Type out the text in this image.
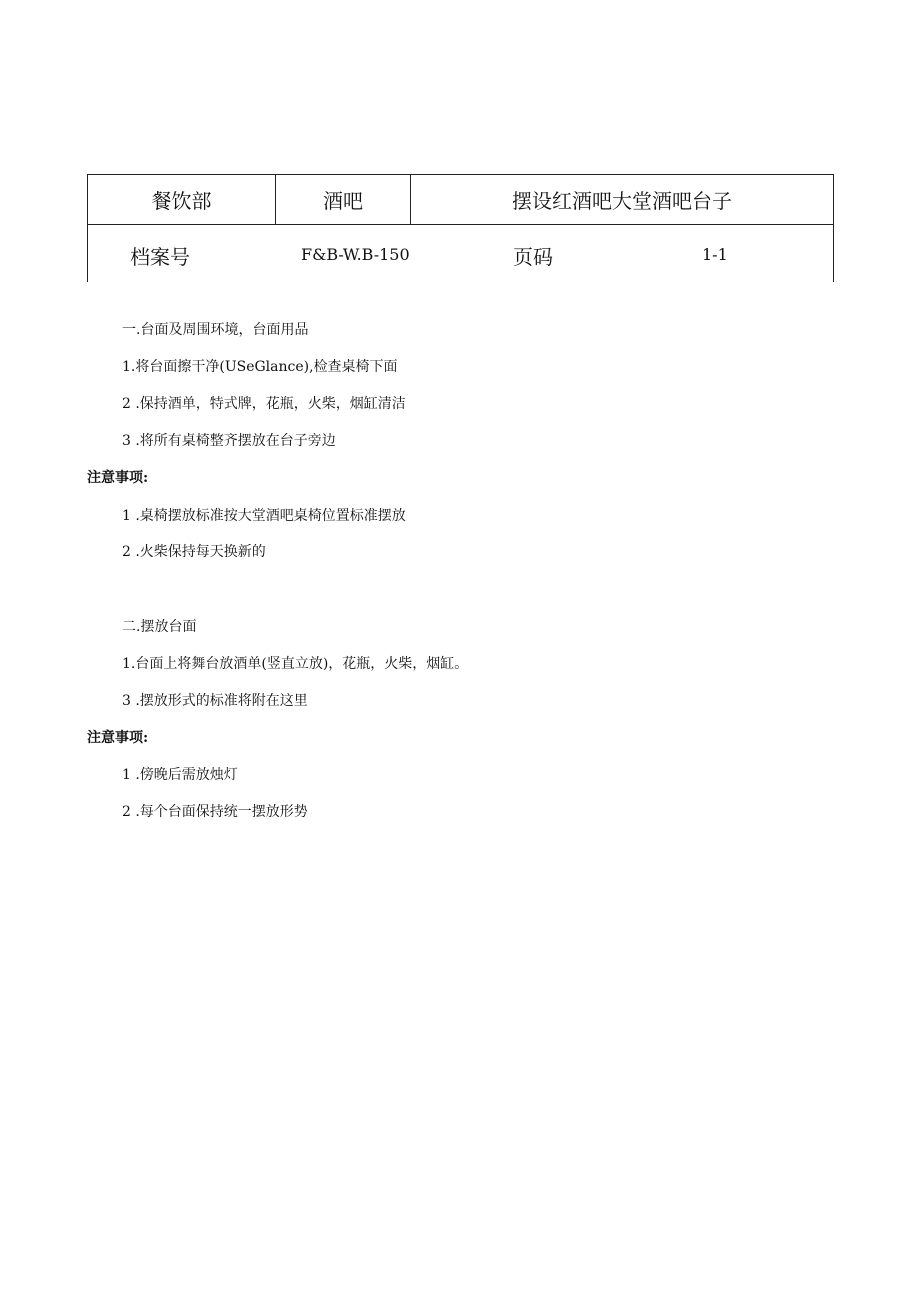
餐饮部	酒吧	摆设红酒吧大堂酒吧台子
档案号	F&B-W.B-150	页码	1-1
一.台面及周围环境，台面用品
1.将台面擦干净(USeGlance),检查桌椅下面
2 .保持酒单，特式牌，花瓶，火柴，烟缸清洁
3 .将所有桌椅整齐摆放在台子旁边
注意事项:
1 .桌椅摆放标准按大堂酒吧桌椅位置标准摆放
2 .火柴保持每天换新的
二.摆放台面
1.台面上将舞台放酒单(竖直立放)，花瓶，火柴，烟缸。
3 .摆放形式的标准将附在这里
注意事项:
1 .傍晚后需放烛灯
2 .每个台面保持统一摆放形势
